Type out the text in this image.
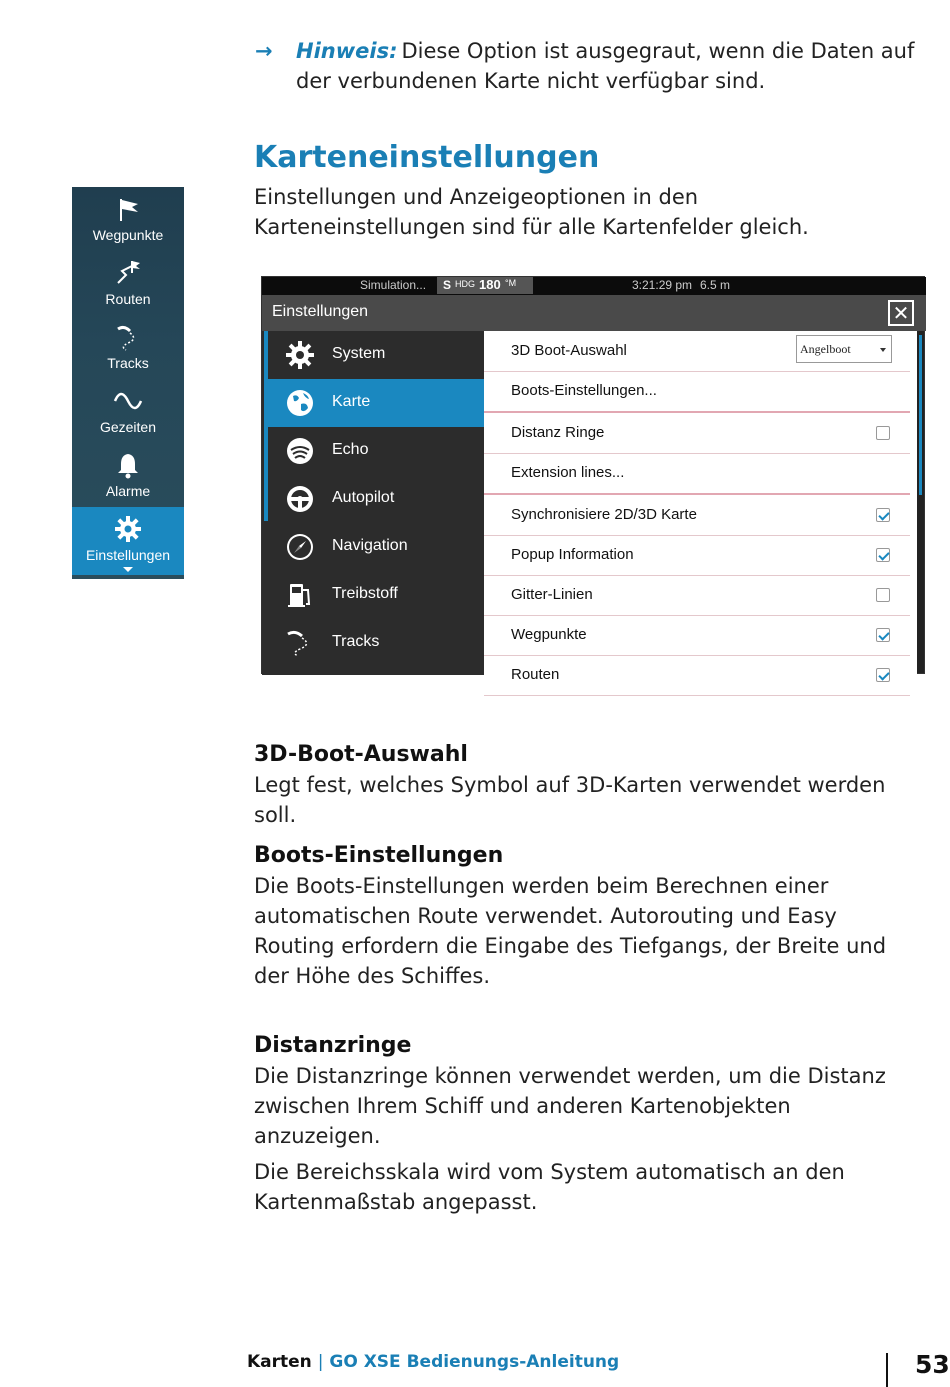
→ Hinweis: Diese Option ist ausgegraut, wenn die Daten auf der verbundenen Karte nicht verfügbar sind.
Karteneinstellungen

Einstellungen und Anzeigeoptionen in den Karteneinstellungen sind für alle Kartenfelder gleich.

Wegpunkte
Routen
Tracks
Gezeiten
Alarme
Einstellungen
Simulation... S HDG 180 °M	3:21:29 pm 6.5 m
Einstellungen	✕
System
Karte
Echo
Autopilot
Navigation
Treibstoff
Tracks
3D Boot-Auswahl	Angelboot
Boots-Einstellungen...
Distanz Ringe
Extension lines...
Synchronisiere 2D/3D Karte
Popup Information
Gitter-Linien
Wegpunkte
Routen
3D-Boot-Auswahl

Legt fest, welches Symbol auf 3D-Karten verwendet werden soll.

Boots-Einstellungen

Die Boots-Einstellungen werden beim Berechnen einer automatischen Route verwendet. Autorouting und Easy Routing erfordern die Eingabe des Tiefgangs, der Breite und der Höhe des Schiffes.

Distanzringe

Die Distanzringe können verwendet werden, um die Distanz zwischen Ihrem Schiff und anderen Kartenobjekten anzuzeigen.

Die Bereichsskala wird vom System automatisch an den Kartenmaßstab angepasst.

Karten | GO XSE Bedienungs-Anleitung	53
